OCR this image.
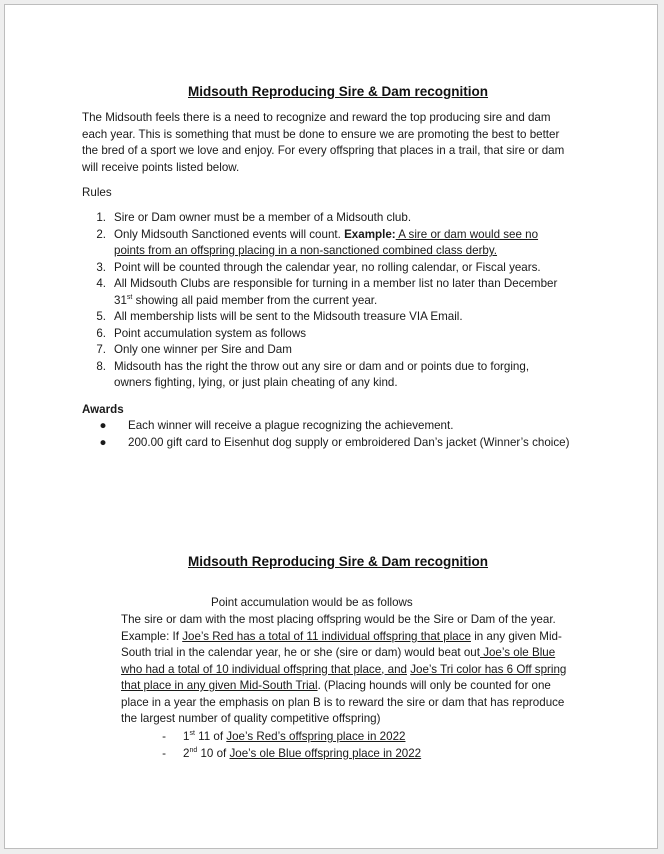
Midsouth Reproducing Sire & Dam recognition
The Midsouth feels there is a need to recognize and reward the top producing sire and dam
each year. This is something that must be done to ensure we are promoting the best to better
the bred of a sport we love and enjoy. For every offspring that places in a trail, that sire or dam
will receive points listed below.
Rules
1. Sire or Dam owner must be a member of a Midsouth club.
2. Only Midsouth Sanctioned events will count. Example: A sire or dam would see no
points from an offspring placing in a non-sanctioned combined class derby.
3. Point will be counted through the calendar year, no rolling calendar, or Fiscal years.
4. All Midsouth Clubs are responsible for turning in a member list no later than December
31st showing all paid member from the current year.
5. All membership lists will be sent to the Midsouth treasure VIA Email.
6. Point accumulation system as follows
7. Only one winner per Sire and Dam
8. Midsouth has the right the throw out any sire or dam and or points due to forging,
owners fighting, lying, or just plain cheating of any kind.
Awards
● Each winner will receive a plague recognizing the achievement.
● 200.00 gift card to Eisenhut dog supply or embroidered Dan’s jacket (Winner’s choice)
Midsouth Reproducing Sire & Dam recognition
Point accumulation would be as follows
The sire or dam with the most placing offspring would be the Sire or Dam of the year.
Example: If Joe’s Red has a total of 11 individual offspring that place in any given Mid-
South trial in the calendar year, he or she (sire or dam) would beat out Joe’s ole Blue
who had a total of 10 individual offspring that place, and Joe’s Tri color has 6 Off spring
that place in any given Mid-South Trial. (Placing hounds will only be counted for one
place in a year the emphasis on plan B is to reward the sire or dam that has reproduce
the largest number of quality competitive offspring)
- 1st 11 of Joe’s Red’s offspring place in 2022
- 2nd 10 of Joe’s ole Blue offspring place in 2022
